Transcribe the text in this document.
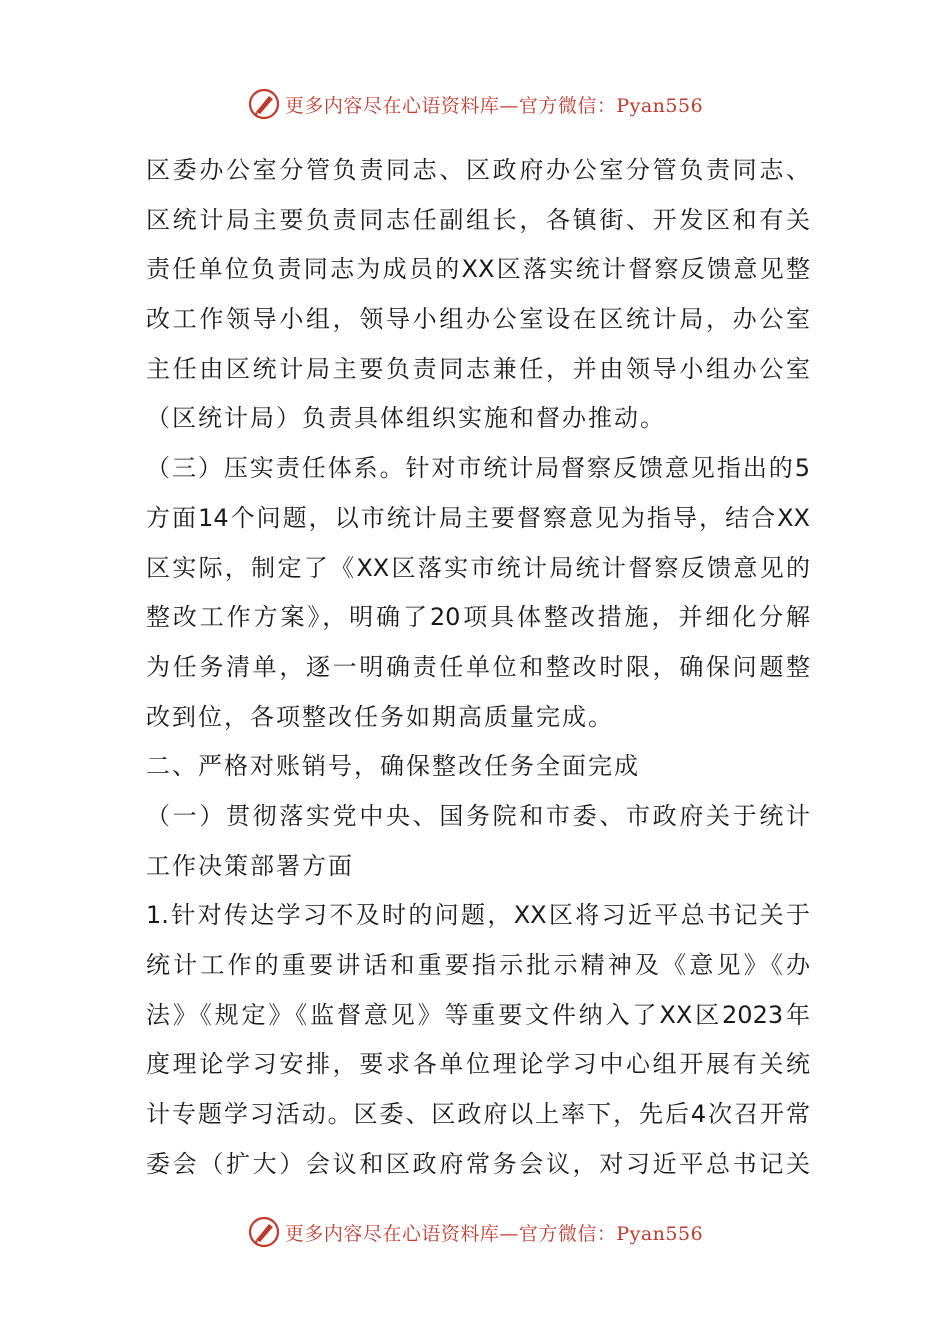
更多内容尽在心语资料库—官方微信：Pyan556
区委办公室分管负责同志、区政府办公室分管负责同志、
区统计局主要负责同志任副组长，各镇街、开发区和有关
责任单位负责同志为成员的XX区落实统计督察反馈意见整
改工作领导小组，领导小组办公室设在区统计局，办公室
主任由区统计局主要负责同志兼任，并由领导小组办公室
（区统计局）负责具体组织实施和督办推动。
（三）压实责任体系。针对市统计局督察反馈意见指出的5
方面14个问题，以市统计局主要督察意见为指导，结合XX
区实际，制定了《XX区落实市统计局统计督察反馈意见的
整改工作方案》，明确了20项具体整改措施，并细化分解
为任务清单，逐一明确责任单位和整改时限，确保问题整
改到位，各项整改任务如期高质量完成。
二、严格对账销号，确保整改任务全面完成
（一）贯彻落实党中央、国务院和市委、市政府关于统计
工作决策部署方面
1.针对传达学习不及时的问题，XX区将习近平总书记关于
统计工作的重要讲话和重要指示批示精神及《意见》《办
法》《规定》《监督意见》等重要文件纳入了XX区2023年
度理论学习安排，要求各单位理论学习中心组开展有关统
计专题学习活动。区委、区政府以上率下，先后4次召开常
委会（扩大）会议和区政府常务会议，对习近平总书记关
更多内容尽在心语资料库—官方微信：Pyan556
